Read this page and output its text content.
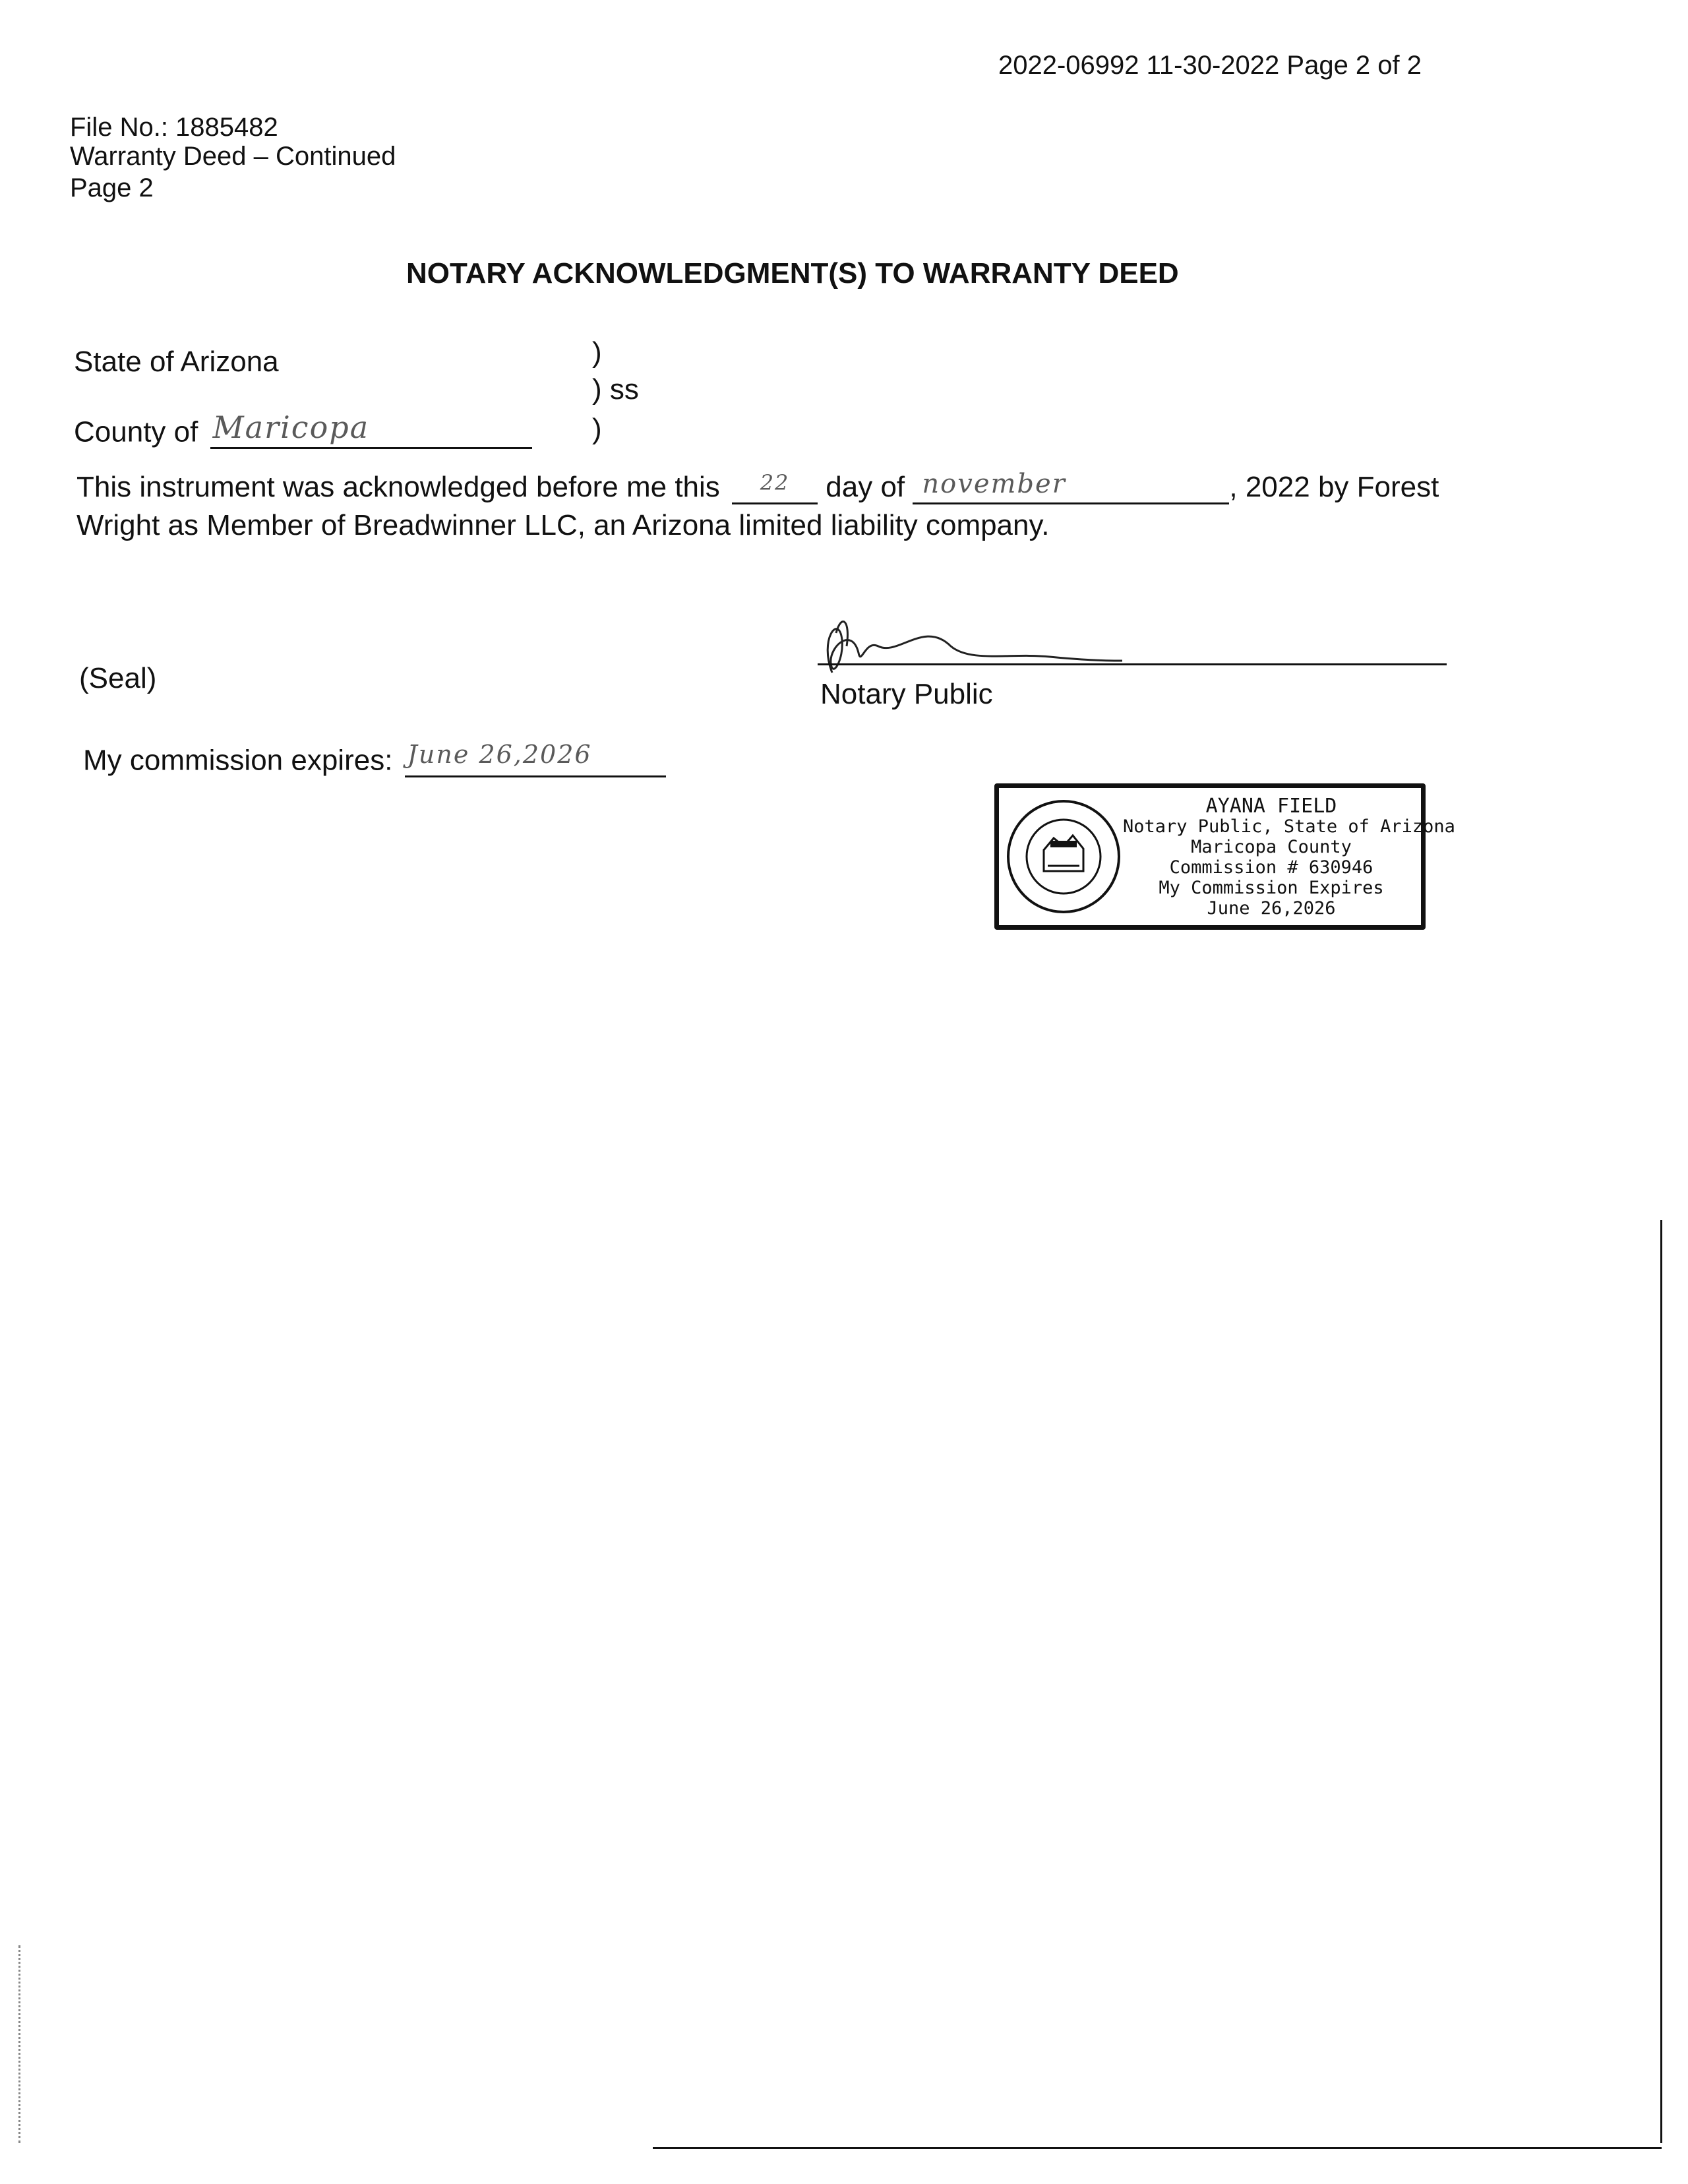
2022-06992 11-30-2022 Page 2 of 2
File No.: 1885482
Warranty Deed – Continued
Page 2
NOTARY ACKNOWLEDGMENT(S) TO WARRANTY DEED
State of Arizona	)
) ss
)
County of Maricopa
This instrument was acknowledged before me this $^{22}$ day of november	, 2022 by Forest
Wright as Member of Breadwinner LLC, an Arizona limited liability company.
(Seal)	Notary Public
My commission expires: June 26,2026
AYANA FIELD
Notary Public, State of Arizona
Maricopa County
Commission # 630946
My Commission Expires
June 26,2026
